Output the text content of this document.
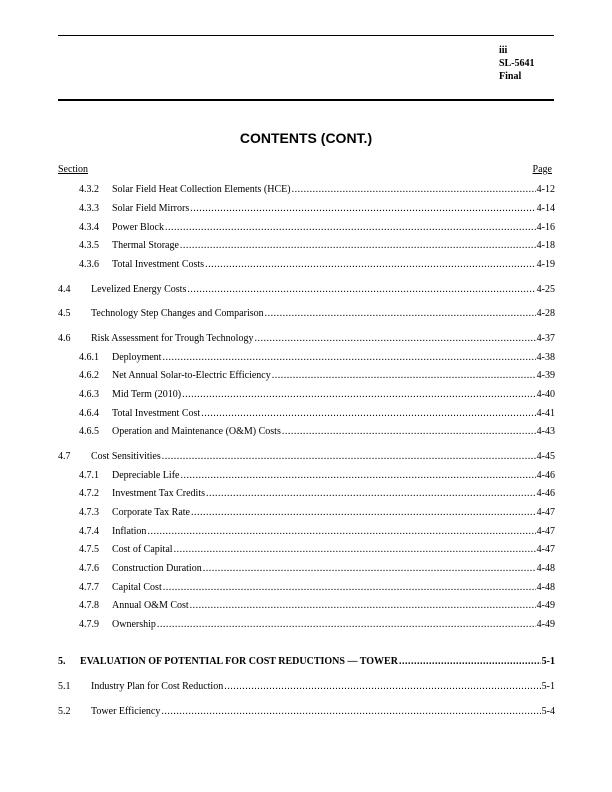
iii
SL-5641
Final
CONTENTS (CONT.)
Section	Page
4.3.2	Solar Field Heat Collection Elements (HCE) .....	4-12
4.3.3	Solar Field Mirrors .....	4-14
4.3.4	Power Block .....	4-16
4.3.5	Thermal Storage .....	4-18
4.3.6	Total Investment Costs .....	4-19
4.4	Levelized Energy Costs .....	4-25
4.5	Technology Step Changes and Comparison .....	4-28
4.6	Risk Assessment for Trough Technology .....	4-37
4.6.1	Deployment .....	4-38
4.6.2	Net Annual Solar-to-Electric Efficiency .....	4-39
4.6.3	Mid Term (2010) .....	4-40
4.6.4	Total Investment Cost .....	4-41
4.6.5	Operation and Maintenance (O&M) Costs .....	4-43
4.7	Cost Sensitivities .....	4-45
4.7.1	Depreciable Life .....	4-46
4.7.2	Investment Tax Credits .....	4-46
4.7.3	Corporate Tax Rate .....	4-47
4.7.4	Inflation .....	4-47
4.7.5	Cost of Capital .....	4-47
4.7.6	Construction Duration .....	4-48
4.7.7	Capital Cost .....	4-48
4.7.8	Annual O&M Cost .....	4-49
4.7.9	Ownership .....	4-49
5.	EVALUATION OF POTENTIAL FOR COST REDUCTIONS — TOWER .....	5-1
5.1	Industry Plan for Cost Reduction .....	5-1
5.2	Tower Efficiency .....	5-4
